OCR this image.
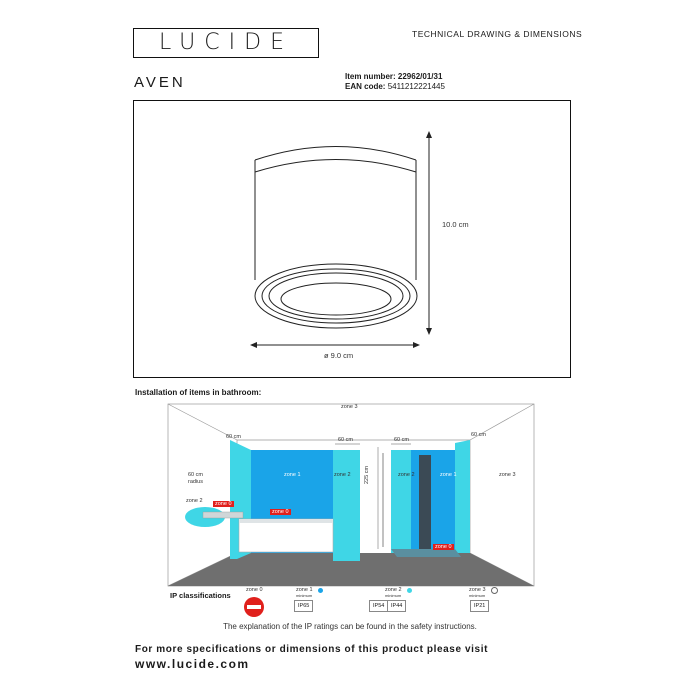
LUCIDE	TECHNICAL DRAWING & DIMENSIONS
AVEN	Item number: 22962/01/31
EAN code: 5411212221445
10.0 cm
ø 9.0 cm
Installation of items in bathroom:
zone 3
60 cm	60 cm	60 cm
60 cm
60 cm radius
zone 2
zone 1	zone 2 225 cm	zone 2	zone 1	zone 3
zone 0
zone 0
zone 0
IP classifications
zone 0	zone 1
minimum
IP65
zone 2
minimum
IP54	IP44
zone 3
minimum
IP21
The explanation of the IP ratings can be found in the safety instructions.
For more specifications or dimensions of this product please visit
www.lucide.com
